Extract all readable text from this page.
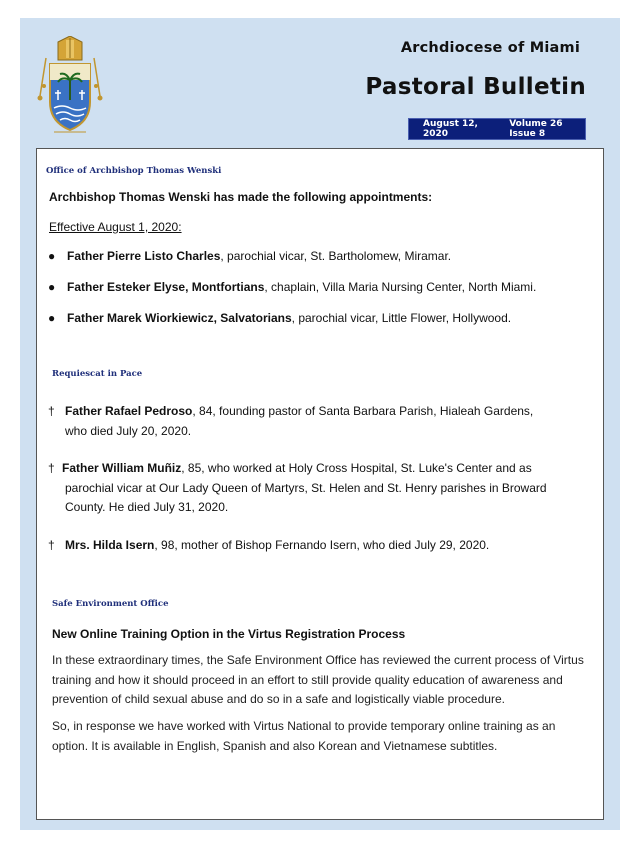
Archdiocese of Miami
Pastoral Bulletin
August 12, 2020
Volume 26 Issue 8
Office of Archbishop Thomas Wenski
Archbishop Thomas Wenski has made the following appointments:
Effective August 1, 2020:
● Father Pierre Listo Charles, parochial vicar, St. Bartholomew, Miramar.
● Father Esteker Elyse, Montfortians, chaplain, Villa Maria Nursing Center, North Miami.
● Father Marek Wiorkiewicz, Salvatorians, parochial vicar, Little Flower, Hollywood.
Requiescat in Pace
† Father Rafael Pedroso, 84, founding pastor of Santa Barbara Parish, Hialeah Gardens,
who died July 20, 2020.
† Father William Muñiz, 85, who worked at Holy Cross Hospital, St. Luke's Center and as
parochial vicar at Our Lady Queen of Martyrs, St. Helen and St. Henry parishes in Broward
County. He died July 31, 2020.
† Mrs. Hilda Isern, 98, mother of Bishop Fernando Isern, who died July 29, 2020.
Safe Environment Office
New Online Training Option in the Virtus Registration Process
In these extraordinary times, the Safe Environment Office has reviewed the current process of Virtus training and how it should proceed in an effort to still provide quality education of awareness and prevention of child sexual abuse and do so in a safe and logistically viable procedure.
So, in response we have worked with Virtus National to provide temporary online training as an option. It is available in English, Spanish and also Korean and Vietnamese subtitles.
